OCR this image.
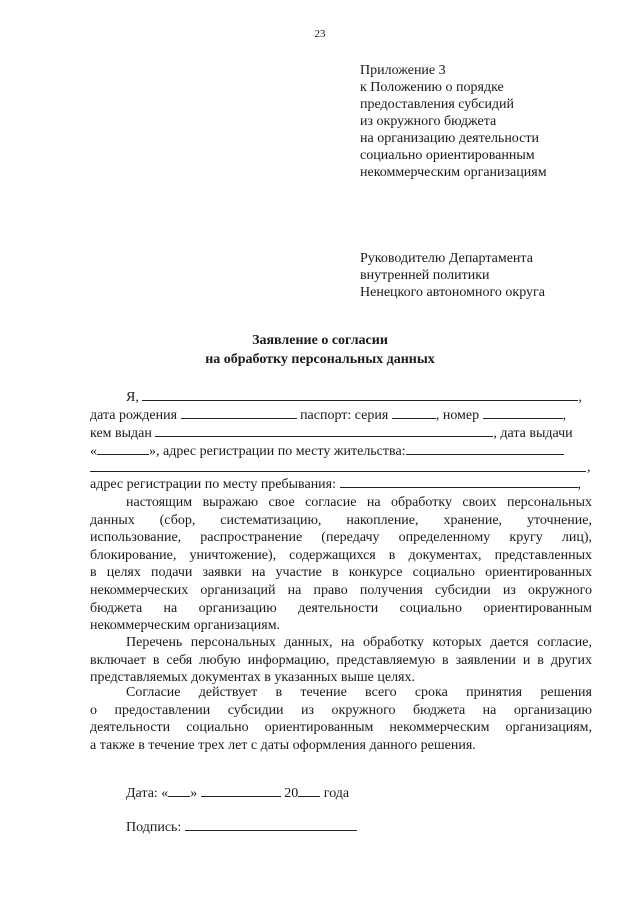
23
Приложение 3
к Положению о порядке
предоставления субсидий
из окружного бюджета
на организацию деятельности
социально ориентированным
некоммерческим организациям
Руководителю Департамента
внутренней политики
Ненецкого автономного округа
Заявление о согласии
на обработку персональных данных
Я,	,
дата рождения	паспорт: серия	, номер	,
кем выдан	, дата выдачи
«	», адрес регистрации по месту жительства:
,
адрес регистрации по месту пребывания:	,
настоящим выражаю свое согласие на обработку своих персональных
данных (сбор, систематизацию, накопление, хранение, уточнение,
использование, распространение (передачу определенному кругу лиц),
блокирование, уничтожение), содержащихся в документах, представленных
в целях подачи заявки на участие в конкурсе социально ориентированных
некоммерческих организаций на право получения субсидии из окружного
бюджета на организацию деятельности социально ориентированным
некоммерческим организациям.
Перечень персональных данных, на обработку которых дается согласие,
включает в себя любую информацию, представляемую в заявлении и в других
представляемых документах в указанных выше целях.
Согласие действует в течение всего срока принятия решения
о предоставлении субсидии из окружного бюджета на организацию
деятельности социально ориентированным некоммерческим организациям,
а также в течение трех лет с даты оформления данного решения.
Дата: « »	20 года
Подпись:
